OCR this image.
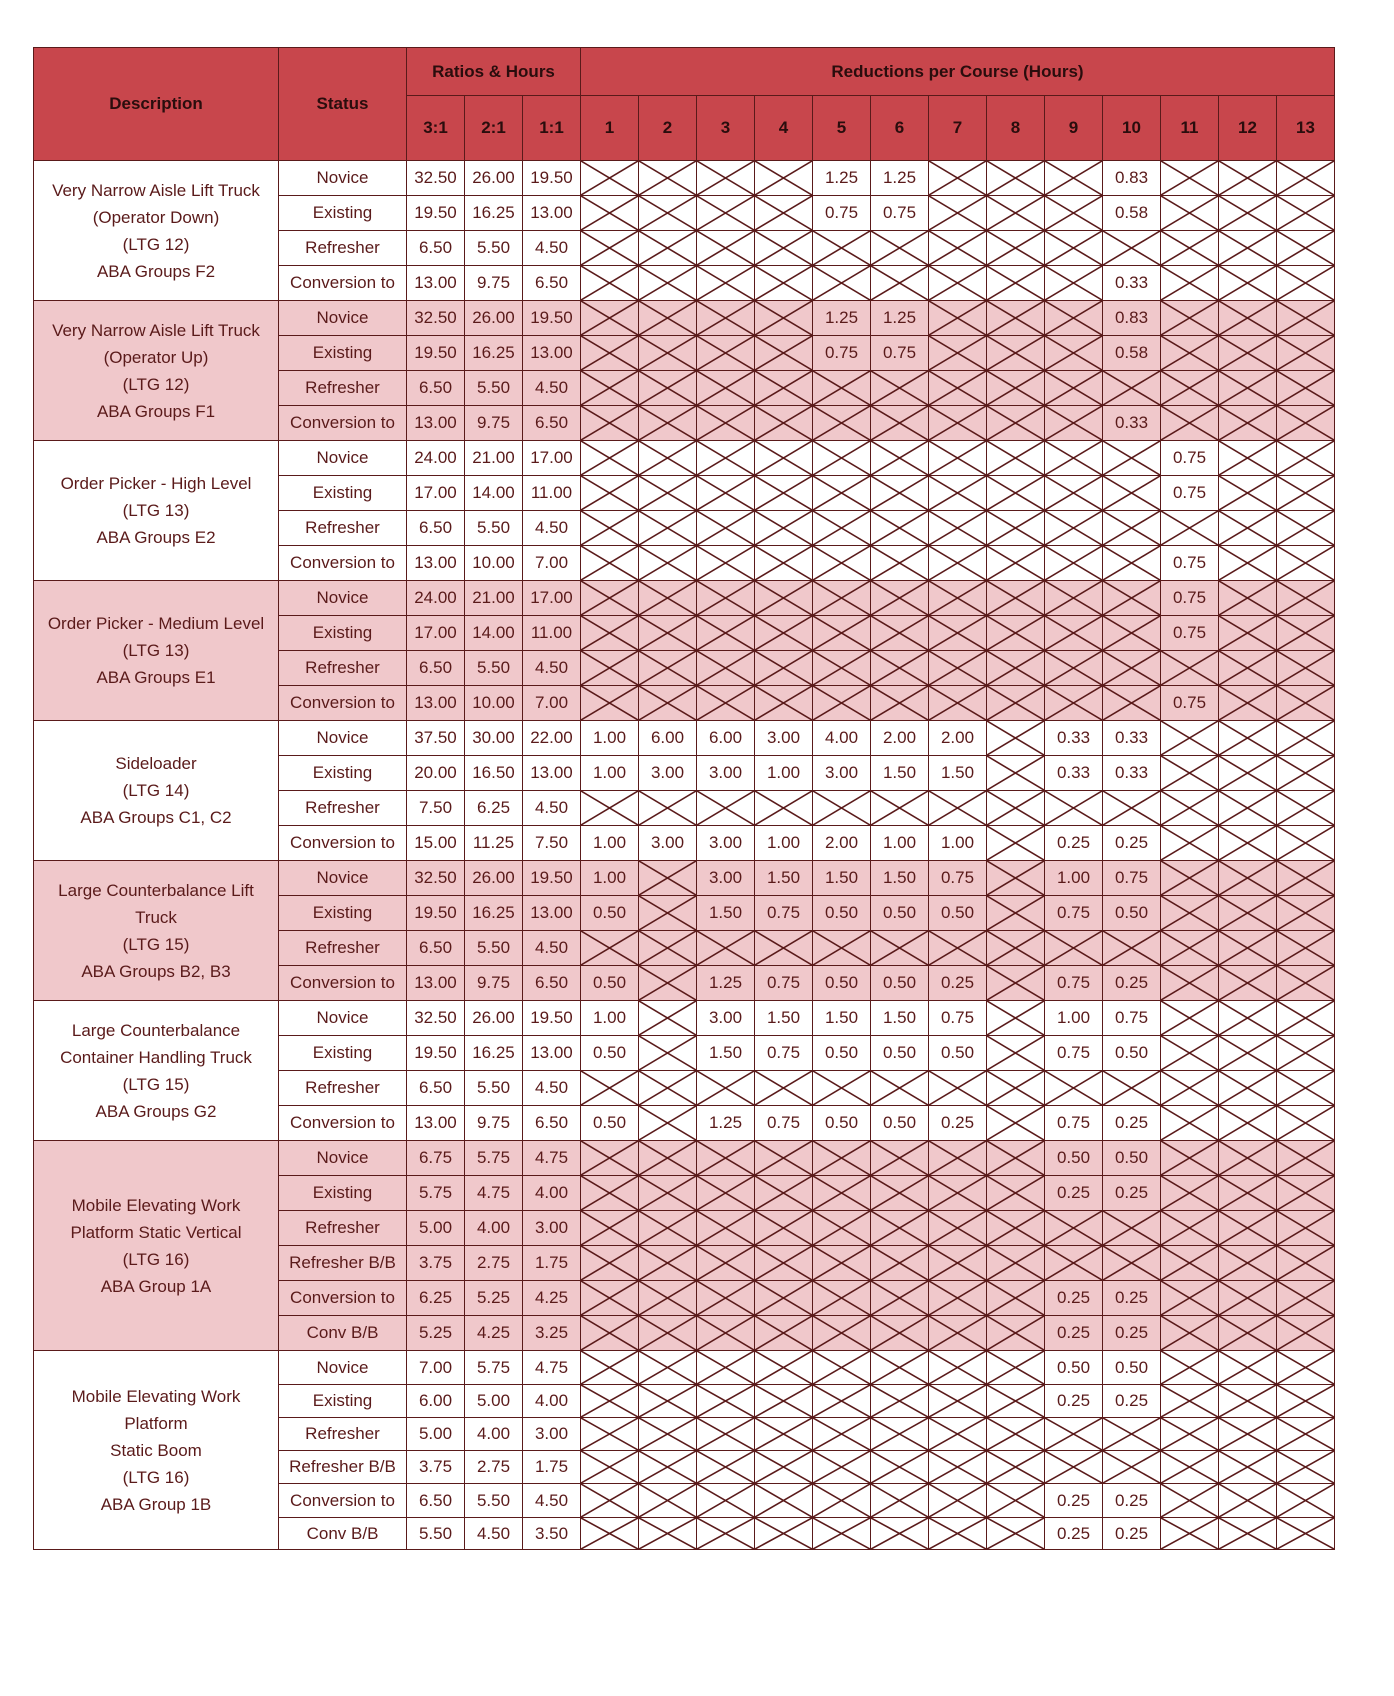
Description	Status	Ratios & Hours			Reductions per Course (Hours)												
		3:1	2:1	1:1	1	2	3	4	5	6	7	8	9	10	11	12	13

Very Narrow Aisle Lift Truck
(Operator Down)
(LTG 12)
ABA Groups F2	Novice	32.50	26.00	19.50					1.25	1.25				0.83	

	Existing	19.50	16.25	13.00					0.75	0.75				0.58	

	Refresher	6.50	5.50	4.50	

	Conversion to	13.00	9.75	6.50										0.33	

Very Narrow Aisle Lift Truck
(Operator Up)
(LTG 12)
ABA Groups F1	Novice	32.50	26.00	19.50					1.25	1.25				0.83	

	Existing	19.50	16.25	13.00					0.75	0.75				0.58	

	Refresher	6.50	5.50	4.50	

	Conversion to	13.00	9.75	6.50										0.33	

Order Picker - High Level
(LTG 13)
ABA Groups E2	Novice	24.00	21.00	17.00											0.75	

	Existing	17.00	14.00	11.00											0.75	

	Refresher	6.50	5.50	4.50	

	Conversion to	13.00	10.00	7.00											0.75	

Order Picker - Medium Level
(LTG 13)
ABA Groups E1	Novice	24.00	21.00	17.00											0.75	

	Existing	17.00	14.00	11.00											0.75	

	Refresher	6.50	5.50	4.50	

	Conversion to	13.00	10.00	7.00											0.75	

Sideloader
(LTG 14)
ABA Groups C1, C2	Novice	37.50	30.00	22.00	1.00	6.00	6.00	3.00	4.00	2.00	2.00		0.33	0.33	

	Existing	20.00	16.50	13.00	1.00	3.00	3.00	1.00	3.00	1.50	1.50		0.33	0.33	

	Refresher	7.50	6.25	4.50	

	Conversion to	15.00	11.25	7.50	1.00	3.00	3.00	1.00	2.00	1.00	1.00		0.25	0.25	

Large Counterbalance Lift
Truck
(LTG 15)
ABA Groups B2, B3	Novice	32.50	26.00	19.50	1.00		3.00	1.50	1.50	1.50	0.75		1.00	0.75	

	Existing	19.50	16.25	13.00	0.50		1.50	0.75	0.50	0.50	0.50		0.75	0.50	

	Refresher	6.50	5.50	4.50	

	Conversion to	13.00	9.75	6.50	0.50		1.25	0.75	0.50	0.50	0.25		0.75	0.25	

Large Counterbalance
Container Handling Truck
(LTG 15)
ABA Groups G2	Novice	32.50	26.00	19.50	1.00		3.00	1.50	1.50	1.50	0.75		1.00	0.75	

	Existing	19.50	16.25	13.00	0.50		1.50	0.75	0.50	0.50	0.50		0.75	0.50	

	Refresher	6.50	5.50	4.50	

	Conversion to	13.00	9.75	6.50	0.50		1.25	0.75	0.50	0.50	0.25		0.75	0.25	

Mobile Elevating Work
Platform Static Vertical
(LTG 16)
ABA Group 1A	Novice	6.75	5.75	4.75									0.50	0.50	

	Existing	5.75	4.75	4.00									0.25	0.25	

	Refresher	5.00	4.00	3.00	

	Refresher B/B	3.75	2.75	1.75	

	Conversion to	6.25	5.25	4.25									0.25	0.25	

	Conv B/B	5.25	4.25	3.25									0.25	0.25	

Mobile Elevating Work
Platform
Static Boom
(LTG 16)
ABA Group 1B	Novice	7.00	5.75	4.75									0.50	0.50	

	Existing	6.00	5.00	4.00									0.25	0.25	

	Refresher	5.00	4.00	3.00	

	Refresher B/B	3.75	2.75	1.75	

	Conversion to	6.50	5.50	4.50									0.25	0.25	

	Conv B/B	5.50	4.50	3.50									0.25	0.25	
